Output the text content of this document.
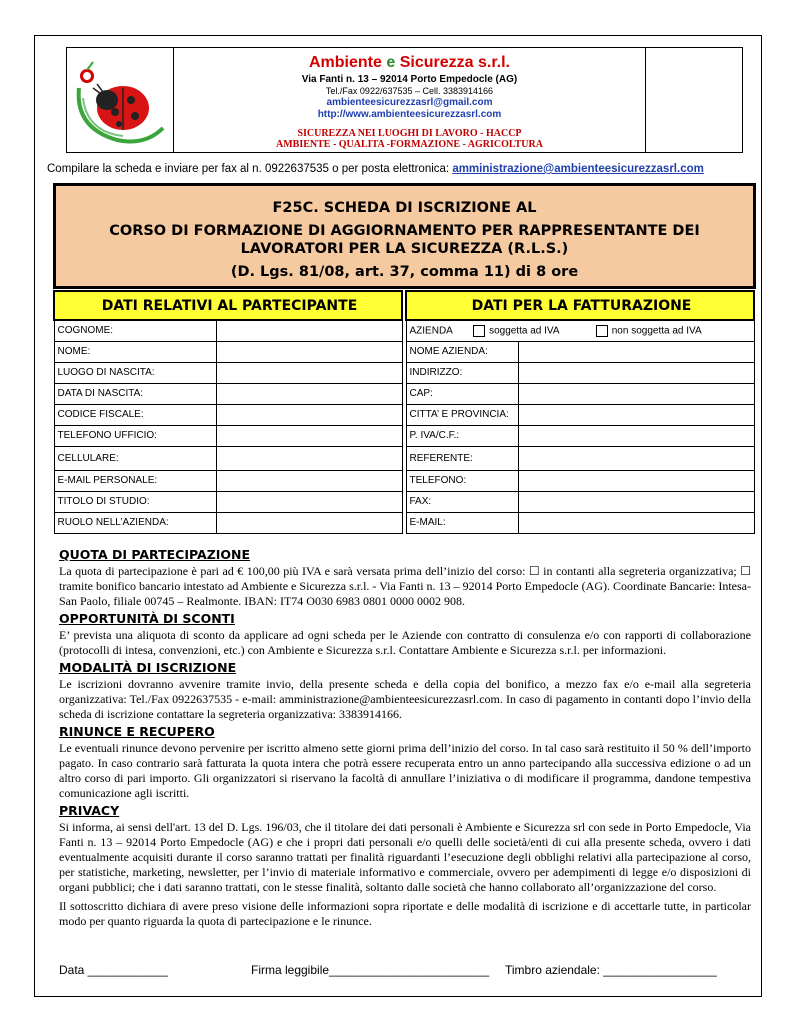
Ambiente e Sicurezza s.r.l.
Via Fanti n. 13 – 92014 Porto Empedocle (AG)
Tel./Fax 0922/637535 – Cell. 3383914166
ambienteesicurezzasrl@gmail.com
http://www.ambienteesicurezzasrl.com
SICUREZZA NEI LUOGHI DI LAVORO - HACCP
AMBIENTE - QUALITA -FORMAZIONE - AGRICOLTURA
Compilare la scheda e inviare per fax al n. 0922637535 o per posta elettronica: amministrazione@ambienteesicurezzasrl.com
F25C. SCHEDA DI ISCRIZIONE AL
CORSO DI FORMAZIONE DI AGGIORNAMENTO PER RAPPRESENTANTE DEI
LAVORATORI PER LA SICUREZZA (R.L.S.)
(D. Lgs. 81/08, art. 37, comma 11) di 8 ore
DATI RELATIVI AL PARTECIPANTE	
COGNOME:	
NOME:	
LUOGO DI NASCITA:	
DATA DI NASCITA:	
CODICE FISCALE:	
TELEFONO UFFICIO:	
CELLULARE:	
E-MAIL PERSONALE:	
TITOLO DI STUDIO:	
RUOLO NELL’AZIENDA:	
DATI PER LA FATTURAZIONE	
AZIENDA soggetta ad IVA non soggetta ad IVA	
NOME AZIENDA:	
INDIRIZZO:	
CAP:	
CITTA’ E PROVINCIA:	
P. IVA/C.F.:	
REFERENTE:	
TELEFONO:	
FAX:	
E-MAIL:	

QUOTA DI PARTECIPAZIONE

La quota di partecipazione è pari ad € 100,00 più IVA e sarà versata prima dell’inizio del corso: ☐ in contanti alla segreteria organizzativa; ☐ tramite bonifico bancario intestato ad Ambiente e Sicurezza s.r.l. - Via Fanti n. 13 – 92014 Porto Empedocle (AG). Coordinate Bancarie: Intesa-San Paolo, filiale 00745 – Realmonte. IBAN: IT74 O030 6983 0801 0000 0002 908.

OPPORTUNITÀ DI SCONTI

E’ prevista una aliquota di sconto da applicare ad ogni scheda per le Aziende con contratto di consulenza e/o con rapporti di collaborazione (protocolli di intesa, convenzioni, etc.) con Ambiente e Sicurezza s.r.l. Contattare Ambiente e Sicurezza s.r.l. per informazioni.

MODALITÀ DI ISCRIZIONE

Le iscrizioni dovranno avvenire tramite invio, della presente scheda e della copia del bonifico, a mezzo fax e/o e-mail alla segreteria organizzativa: Tel./Fax 0922637535 - e-mail: amministrazione@ambienteesicurezzasrl.com. In caso di pagamento in contanti dopo l’invio della scheda di iscrizione contattare la segreteria organizzativa: 3383914166.

RINUNCE E RECUPERO

Le eventuali rinunce devono pervenire per iscritto almeno sette giorni prima dell’inizio del corso. In tal caso sarà restituito il 50 % dell’importo pagato. In caso contrario sarà fatturata la quota intera che potrà essere recuperata entro un anno partecipando alla successiva edizione o ad un altro corso di pari importo. Gli organizzatori si riservano la facoltà di annullare l’iniziativa o di modificare il programma, dandone tempestiva comunicazione agli iscritti.

PRIVACY

Si informa, ai sensi dell'art. 13 del D. Lgs. 196/03, che il titolare dei dati personali è Ambiente e Sicurezza srl con sede in Porto Empedocle, Via Fanti n. 13 – 92014 Porto Empedocle (AG) e che i propri dati personali e/o quelli delle società/enti di cui alla presente scheda, ovvero i dati eventualmente acquisiti durante il corso saranno trattati per finalità riguardanti l’esecuzione degli obblighi relativi alla partecipazione al corso, per statistiche, marketing, newsletter, per l’invio di materiale informativo e commerciale, ovvero per adempimenti di legge e/o disposizioni di organi pubblici; che i dati saranno trattati, con le stesse finalità, soltanto dalle società che hanno collaborato all’organizzazione del corso.

Il sottoscritto dichiara di avere preso visione delle informazioni sopra riportate e delle modalità di iscrizione e di accettarle tutte, in particolar modo per quanto riguarda la quota di partecipazione e le rinunce.

Data ____________	Firma leggibile________________________ Timbro aziendale: _________________
